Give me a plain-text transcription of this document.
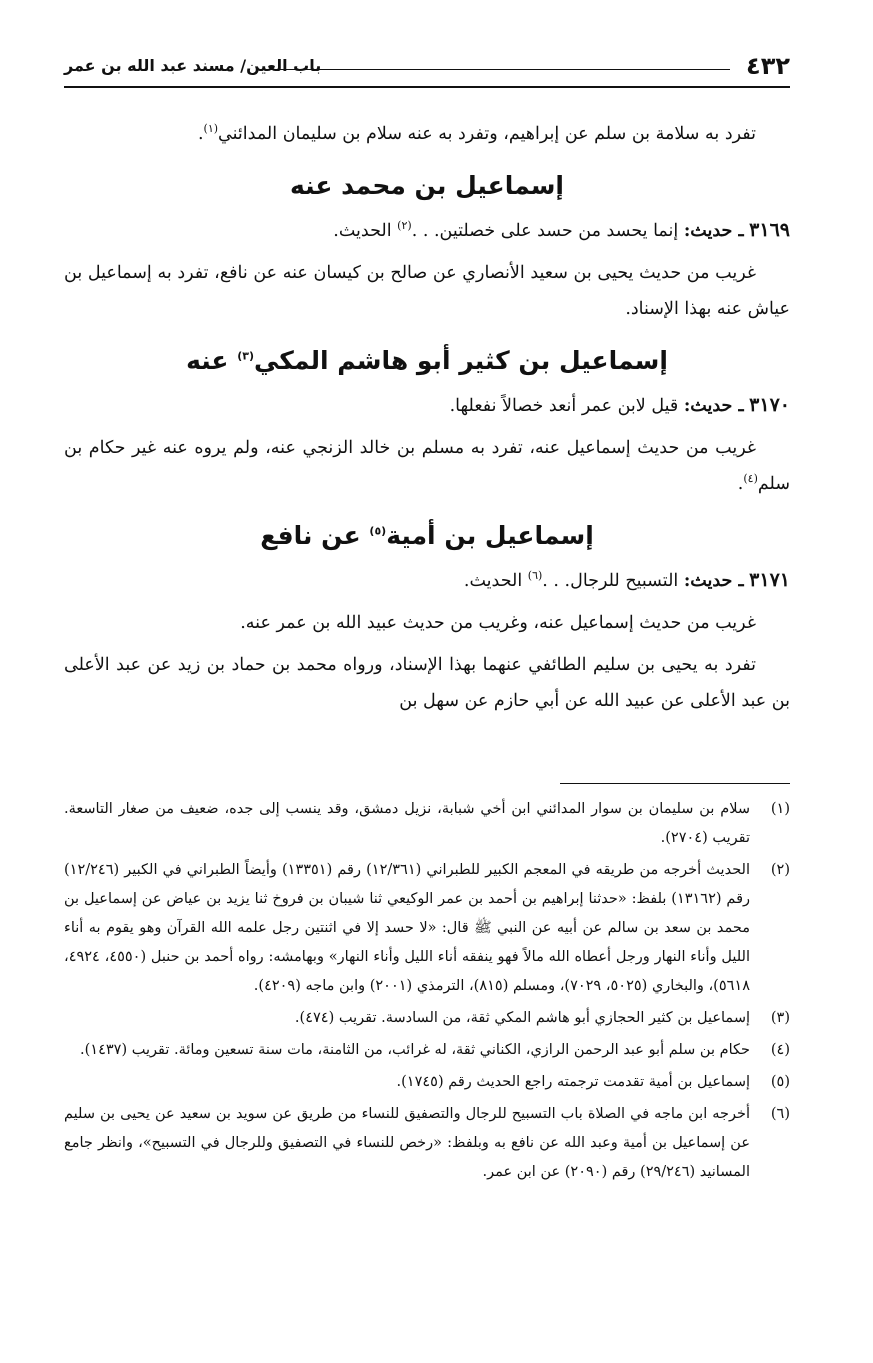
٤٣٢
باب العين/ مسند عبد الله بن عمر

تفرد به سلامة بن سلم عن إبراهيم، وتفرد به عنه سلام بن سليمان المدائني$^{(١)}$.

إسماعيل بن محمد عنه

٣١٦٩ ـ حديث: إنما يحسد من حسد على خصلتين. . .$^{(٢)}$ الحديث.

غريب من حديث يحيى بن سعيد الأنصاري عن صالح بن كيسان عنه عن نافع، تفرد به إسماعيل بن عياش عنه بهذا الإسناد.

إسماعيل بن كثير أبو هاشم المكي$^{(٣)}$ عنه

٣١٧٠ ـ حديث: قيل لابن عمر أنعد خصالاً نفعلها.

غريب من حديث إسماعيل عنه، تفرد به مسلم بن خالد الزنجي عنه، ولم يروه عنه غير حكام بن سلم$^{(٤)}$.

إسماعيل بن أمية$^{(٥)}$ عن نافع

٣١٧١ ـ حديث: التسبيح للرجال. . .$^{(٦)}$ الحديث.

غريب من حديث إسماعيل عنه، وغريب من حديث عبيد الله بن عمر عنه.

تفرد به يحيى بن سليم الطائفي عنهما بهذا الإسناد، ورواه محمد بن حماد بن زيد عن عبد الأعلى بن عبد الأعلى عن عبيد الله عن أبي حازم عن سهل بن

(١)
سلام بن سليمان بن سوار المدائني ابن أخي شبابة، نزيل دمشق، وقد ينسب إلى جده، ضعيف من صغار التاسعة. تقريب (٢٧٠٤).
(٢)
الحديث أخرجه من طريقه في المعجم الكبير للطبراني (١٢/٣٦١) رقم (١٣٣٥١) وأيضاً الطبراني في الكبير (١٢/٢٤٦) رقم (١٣١٦٢) بلفظ: «حدثنا إبراهيم بن أحمد بن عمر الوكيعي ثنا شيبان بن فروخ ثنا يزيد بن عياض عن إسماعيل بن محمد بن سعد بن سالم عن أبيه عن النبي ﷺ قال: «لا حسد إلا في اثنتين رجل علمه الله القرآن وهو يقوم به أناء الليل وأناء النهار ورجل أعطاه الله مالاً فهو ينفقه أناء الليل وأناء النهار» وبهامشه: رواه أحمد بن حنبل (٤٥٥٠، ٤٩٢٤، ٥٦١٨)، والبخاري (٥٠٢٥، ٧٠٢٩)، ومسلم (٨١٥)، الترمذي (٢٠٠١) وابن ماجه (٤٢٠٩).
(٣)
إسماعيل بن كثير الحجازي أبو هاشم المكي ثقة، من السادسة. تقريب (٤٧٤).
(٤)
حكام بن سلم أبو عبد الرحمن الرازي، الكناني ثقة، له غرائب، من الثامنة، مات سنة تسعين ومائة. تقريب (١٤٣٧).
(٥)
إسماعيل بن أمية تقدمت ترجمته راجع الحديث رقم (١٧٤٥).
(٦)
أخرجه ابن ماجه في الصلاة باب التسبيح للرجال والتصفيق للنساء من طريق عن سويد بن سعيد عن يحيى بن سليم عن إسماعيل بن أمية وعبد الله عن نافع به وبلفظ: «رخص للنساء في التصفيق وللرجال في التسبيح»، وانظر جامع المسانيد (٢٩/٢٤٦) رقم (٢٠٩٠) عن ابن عمر.
